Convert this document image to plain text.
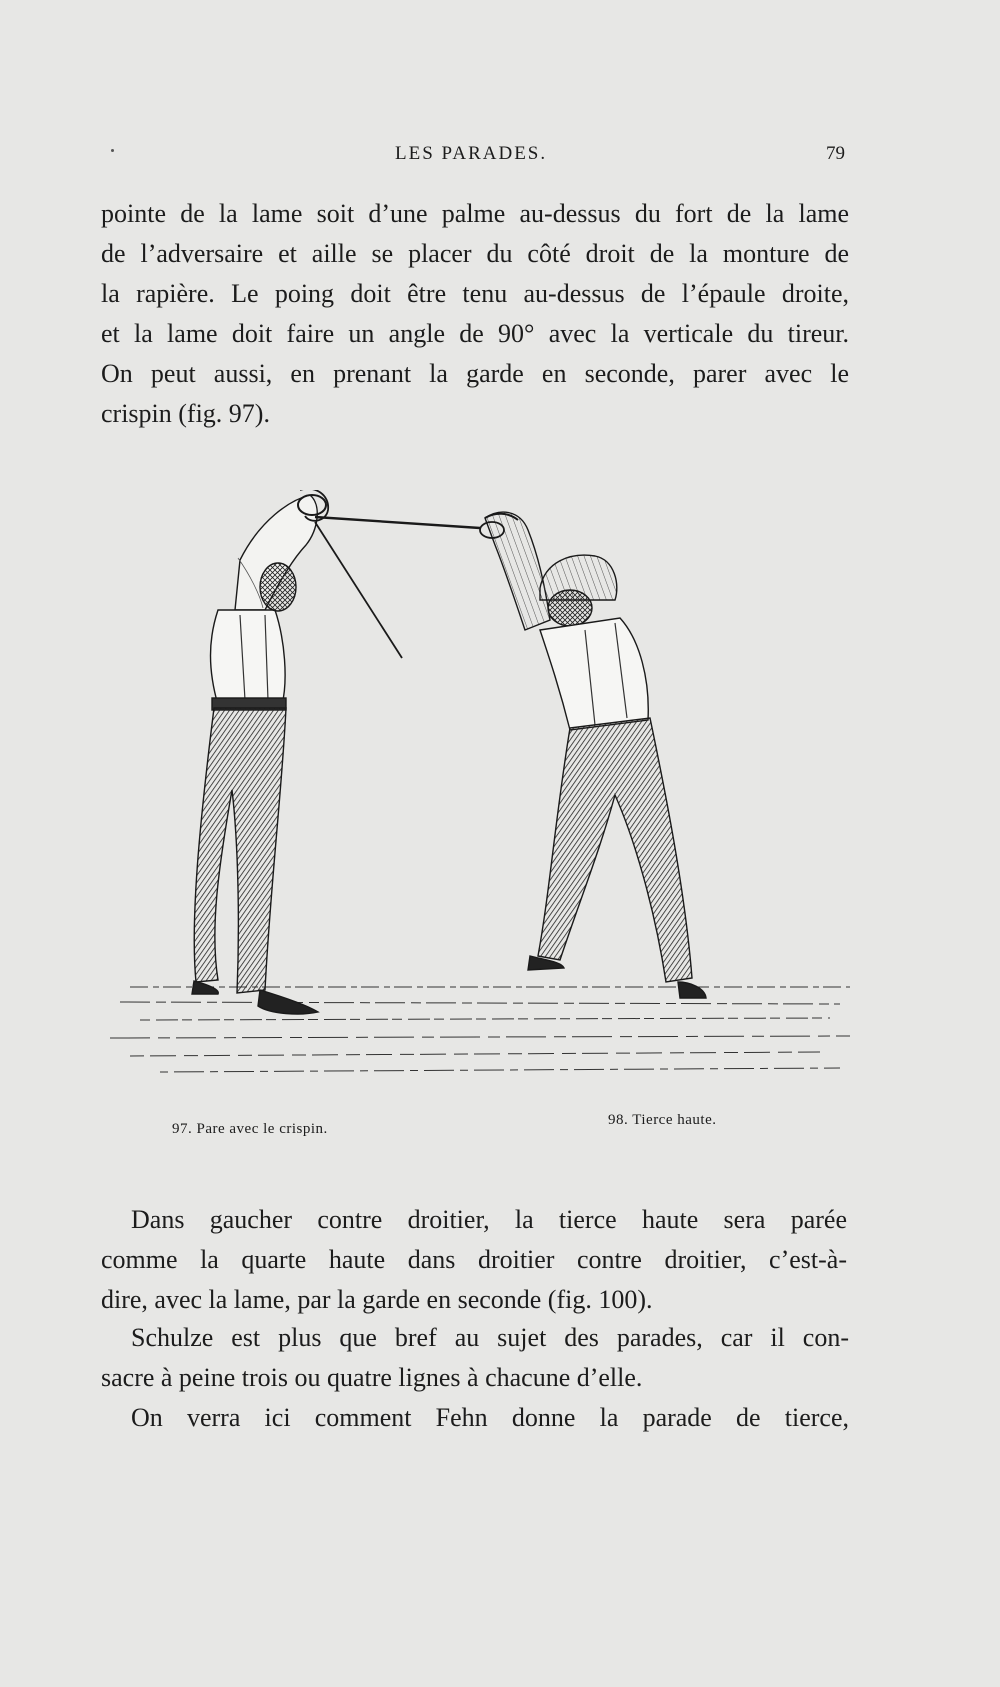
LES PARADES.	79
pointe de la lame soit d’une palme au-dessus du fort de la lame
de l’adversaire et aille se placer du côté droit de la monture de
la rapière. Le poing doit être tenu au-dessus de l’épaule droite,
et la lame doit faire un angle de 90° avec la verticale du tireur.
On peut aussi, en prenant la garde en seconde, parer avec le
crispin (fig. 97).
97. Pare avec le crispin.
98. Tierce haute.
Dans gaucher contre droitier, la tierce haute sera parée
comme la quarte haute dans droitier contre droitier, c’est-à-
dire, avec la lame, par la garde en seconde (fig. 100).
Schulze est plus que bref au sujet des parades, car il con-
sacre à peine trois ou quatre lignes à chacune d’elle.
On verra ici comment Fehn donne la parade de tierce,
